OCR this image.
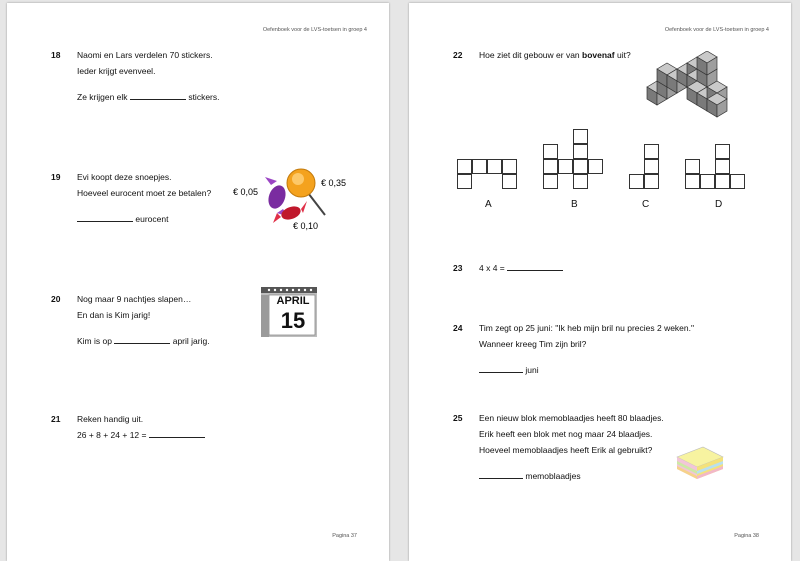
Oefenboek voor de LVS-toetsen in groep 4
18 Naomi en Lars verdelen 70 stickers.
Ieder krijgt evenveel.
Ze krijgen elk	stickers.
19 Evi koopt deze snoepjes.
Hoeveel eurocent moet ze betalen?
eurocent
€ 0,05
€ 0,35
€ 0,10
20 Nog maar 9 nachtjes slapen…
En dan is Kim jarig!
Kim is op	april jarig.
APRIL
15
21 Reken handig uit.
26 + 8 + 24 + 12 =
Pagina 37
Oefenboek voor de LVS-toetsen in groep 4
22 Hoe ziet dit gebouw er van bovenaf uit?
A	B	C	D
23 4 x 4 =
24 Tim zegt op 25 juni: "Ik heb mijn bril nu precies 2 weken."
Wanneer kreeg Tim zijn bril?
juni
25 Een nieuw blok memoblaadjes heeft 80 blaadjes.
Erik heeft een blok met nog maar 24 blaadjes.
Hoeveel memoblaadjes heeft Erik al gebruikt?
memoblaadjes
Pagina 38
